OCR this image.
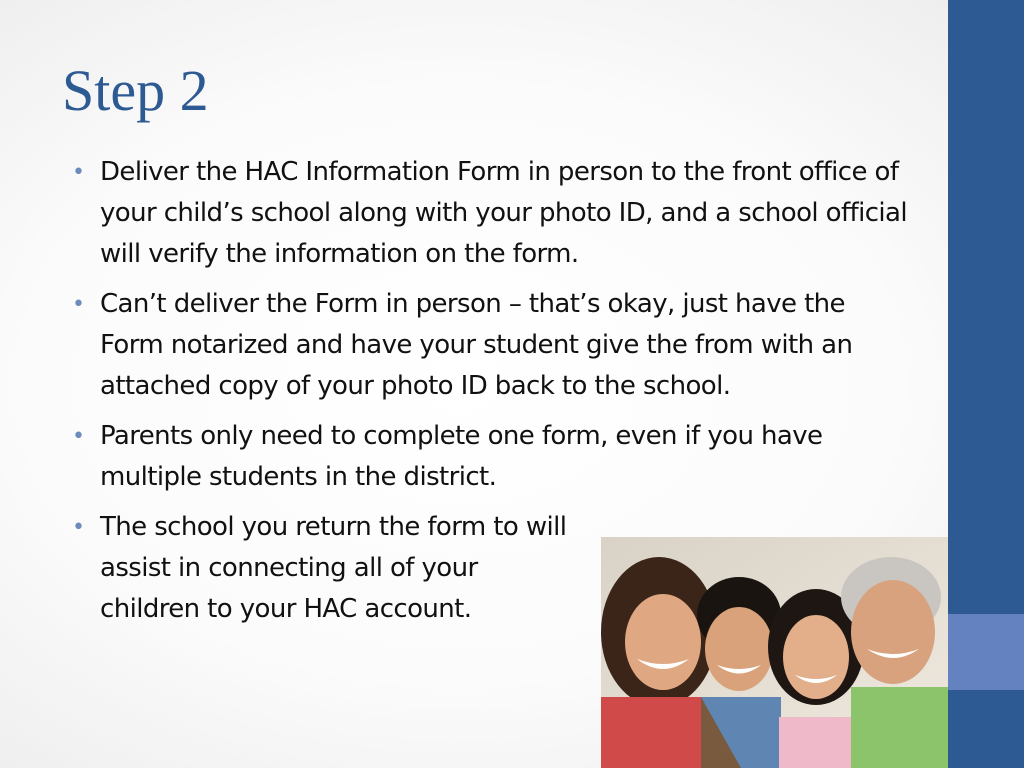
Step 2
• Deliver the HAC Information Form in person to the front office of your child’s school along with your photo ID, and a school official will verify the information on the form.
• Can’t deliver the Form in person – that’s okay, just have the Form notarized and have your student give the from with an attached copy of your photo ID back to the school.
• Parents only need to complete one form, even if you have multiple students in the district.
• The school you return the form to will assist in connecting all of your children to your HAC account.
